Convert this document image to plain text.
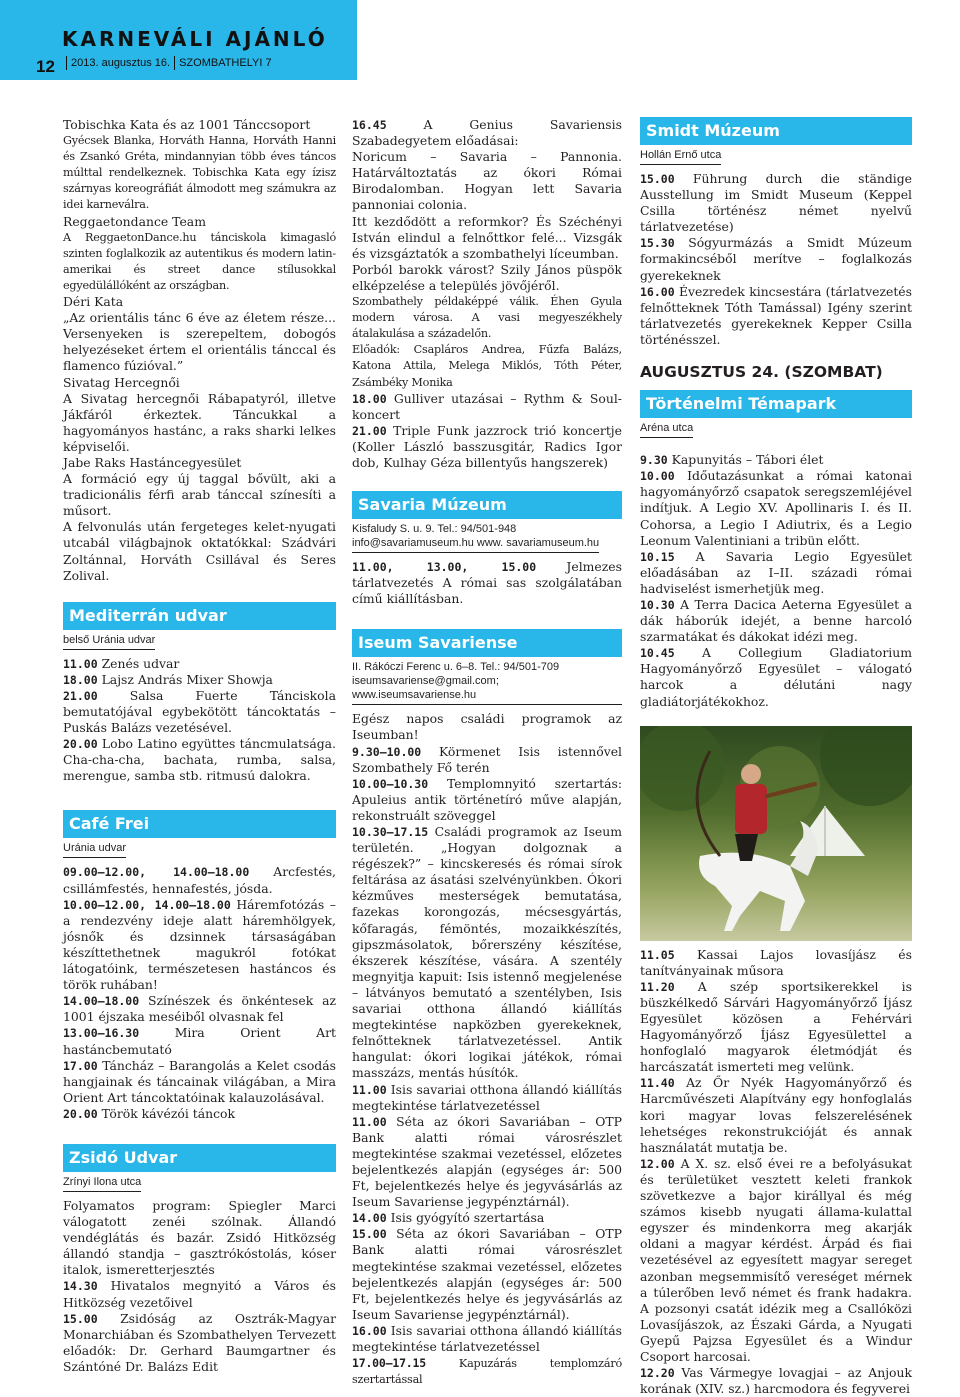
KARNEVÁLI AJÁNLÓ
12	2013. augusztus 16. SZOMBATHELYI 7

Tobischka Kata és az 1001 Tánccsoport

Gyécsek Blanka, Horváth Hanna, Horváth Hanni és Zsankó Gréta, mindannyian több éves táncos múlttal rendelkeznek. Tobischka Kata egy ízisz szárnyas koreográfiát álmodott meg számukra az idei karneválra.

Reggaetondance Team

A ReggaetonDance.hu tánciskola kimagasló szinten foglalkozik az autentikus és modern latin-amerikai és street dance stílusokkal egyedülállóként az országban.

Déri Kata

„Az orientális tánc 6 éve az életem része... Versenyeken is szerepeltem, dobogós helyezéseket értem el orientális tánccal és flamenco fúzióval.”

Sivatag Hercegnői

A Sivatag hercegnői Rábapatyról, illetve Jákfáról érkeztek. Táncukkal a hagyományos hastánc, a raks sharki lelkes képviselői.

Jabe Raks Hastáncegyesület

A formáció egy új taggal bővült, aki a tradicionális férfi arab tánccal színesíti a műsort.

A felvonulás után fergeteges kelet-nyugati utcabál világbajnok oktatókkal: Szádvári Zoltánnal, Horváth Csillával és Seres Zolival.

Mediterrán udvar
belső Uránia udvar

11.00 Zenés udvar

18.00 Lajsz András Mixer Showja

21.00	Salsa Fuerte Tánciskola bemutatójával egybekötött táncoktatás – Puskás Balázs vezetésével.

20.00 Lobo Latino együttes táncmulatsága. Cha-cha-cha, bachata, rumba, salsa, merengue, samba stb. ritmusú dalokra.

Café Frei
Uránia udvar

09.00–12.00, 14.00–18.00 Arcfestés, csillámfestés, hennafestés, jósda.

10.00–12.00, 14.00–18.00 Háremfotózás – a rendezvény ideje alatt háremhölgyek, jósnők és dzsinnek társaságában készíttethetnek magukról fotókat látogatóink, természetesen hastáncos és török ruhában!

14.00–18.00 Színészek és önkéntesek az 1001 éjszaka meséiből olvasnak fel

13.00–16.30	Mira Orient Art hastáncbemutató

17.00 Táncház – Barangolás a Kelet csodás hangjainak és táncainak világában, a Mira Orient Art táncoktatóinak kalauzolásával.

20.00 Török kávézói táncok

Zsidó Udvar
Zrínyi Ilona utca

Folyamatos program: Spiegler Marci válogatott zenéi szólnak. Állandó vendéglátás és bazár. Zsidó Hitközség állandó standja – gasztrókóstolás, kóser italok, ismeretterjesztés

14.30 Hivatalos megnyitó a Város és Hitközség vezetőivel

15.00 Zsidóság az Osztrák-Magyar Monarchiában és Szombathelyen Tervezett előadók: Dr. Gerhard Baumgartner és Szántóné Dr. Balázs Edit

16.45	A Genius Savariensis Szabadegyetem előadásai:

Noricum – Savaria – Pannonia. Határváltoztatás az ókori Római Birodalomban. Hogyan lett Savaria pannoniai colonia.

Itt kezdődött a reformkor? És Széchényi István elindul a felnőttkor felé... Vizsgák és vizsgáztatók a szombathelyi líceumban.

Porból barokk várost? Szily János püspök elképzelése a település jövőjéről.

Szombathely példaképpé válik. Éhen Gyula modern városa. A vasi megyeszékhely átalakulása a századelőn.

Előadók: Csapláros Andrea, Fűzfa Balázs, Katona Attila, Melega Miklós, Tóth Péter, Zsámbéky Monika

18.00 Gulliver utazásai – Rythm & Soul-koncert

21.00 Triple Funk jazzrock trió koncertje (Koller László basszusgitár, Radics Igor dob, Kulhay Géza billentyűs hangszerek)

Savaria Múzeum
Kisfaludy S. u. 9. Tel.: 94/501-948
info@savariamuseum.hu www. savariamuseum.hu

11.00, 13.00, 15.00 Jelmezes tárlatvezetés A római sas szolgálatában című kiállításban.

Iseum Savariense
II. Rákóczi Ferenc u. 6–8. Tel.: 94/501-709
iseumsavariense@gmail.com; www.iseumsavariense.hu

Egész napos családi programok az Iseumban!

9.30–10.00 Körmenet Isis istennővel Szombathely Fő terén

10.00–10.30 Templomnyitó szertartás: Apuleius antik történetíró műve alapján, rekonstruált szöveggel

10.30–17.15 Családi programok az Iseum területén. „Hogyan dolgoznak a régészek?” – kincskeresés és római sírok feltárása az ásatási szelvényünkben. Ókori kézműves mesterségek bemutatása, fazekas korongozás, mécsesgyártás, kőfaragás, fémöntés, mozaikkészítés, gipszmásolatok, bőrerszény készítése, ékszerek készítése, vására. A szentély megnyitja kapuit: Isis istennő megjelenése – látványos bemutató a szentélyben, Isis savariai otthona állandó kiállítás megtekintése napközben gyerekeknek, felnőtteknek tárlatvezetéssel. Antik hangulat: ókori logikai játékok, római masszázs, mentás húsítók.

11.00 Isis savariai otthona állandó kiállítás megtekintése tárlatvezetéssel

11.00 Séta az ókori Savariában – OTP Bank alatti római városrészlet megtekintése szakmai vezetéssel, előzetes bejelentkezés alapján (egységes ár: 500 Ft, bejelentkezés helye és jegyvásárlás az Iseum Savariense jegypénztárnál).

14.00 Isis gyógyító szertartása

15.00 Séta az ókori Savariában – OTP Bank alatti római városrészlet megtekintése szakmai vezetéssel, előzetes bejelentkezés alapján (egységes ár: 500 Ft, bejelentkezés helye és jegyvásárlás az Iseum Savariense jegypénztárnál).

16.00 Isis savariai otthona állandó kiállítás megtekintése tárlatvezetéssel

17.00–17.15	Kapuzárás templomzáró szertartással

Smidt Múzeum
Hollán Ernő utca

15.00 Führung durch die ständige Ausstellung im Smidt Museum (Keppel Csilla történész német nyelvű tárlatvezetése)

15.30 Sógyurmázás a Smidt Múzeum formakincséből merítve – foglalkozás gyerekeknek

16.00 Évezredek kincsestára (tárlatvezetés felnőtteknek Tóth Tamással) Igény szerint tárlatvezetés gyerekeknek Kepper Csilla történésszel.

AUGUSZTUS 24. (SZOMBAT)
Történelmi Témapark
Aréna utca

9.30 Kapunyitás – Tábori élet

10.00 Időutazásunkat a római katonai hagyományőrző csapatok seregszemléjével indítjuk. A Legio XV. Apollinaris I. és II. Cohorsa, a Legio I Adiutrix, és a Legio Leonum Valentiniani a tribün előtt.

10.15 A Savaria Legio Egyesület előadásában az I–II. századi római hadviselést ismerhetjük meg.

10.30 A Terra Dacica Aeterna Egyesület a dák háborúk idejét, a benne harcoló szarmatákat és dákokat idézi meg.

10.45 A Collegium Gladiatorium Hagyományőrző Egyesület – válogató harcok a délutáni nagy gladiátorjátékokhoz.

11.05 Kassai Lajos lovasíjász és tanítványainak műsora

11.20 A szép sportsikerekkel is büszkélkedő Sárvári Hagyományőrző Íjász Egyesület közösen a Fehérvári Hagyományőrző Íjász Egyesülettel a honfoglaló magyarok életmódját és harcászatát ismerteti meg velünk.

11.40 Az Őr Nyék Hagyományőrző és Harcművészeti Alapítvány egy honfoglalás kori magyar lovas felszerelésének lehetséges rekonstrukcióját és annak használatát mutatja be.

12.00 A X. sz. első évei re a befolyásukat és területüket vesztett keleti frankok szövetkezve a bajor királlyal és még számos kisebb nyugati állama-kulattal egyszer és mindenkorra meg akarják oldani a magyar kérdést. Árpád és fiai vezetésével az egyesített magyar sereget azonban megsemmisítő vereséget mérnek a túlerőben levő német és frank hadakra. A pozsonyi csatát idézik meg a Csallóközi Lovasíjászok, az Északi Gárda, a Nyugati Gyepű Pajzsa Egyesület és a Windur Csoport harcosai.

12.20 Vas Vármegye lovagjai – az Anjouk korának (XIV. sz.) harcmodora és fegyverei
